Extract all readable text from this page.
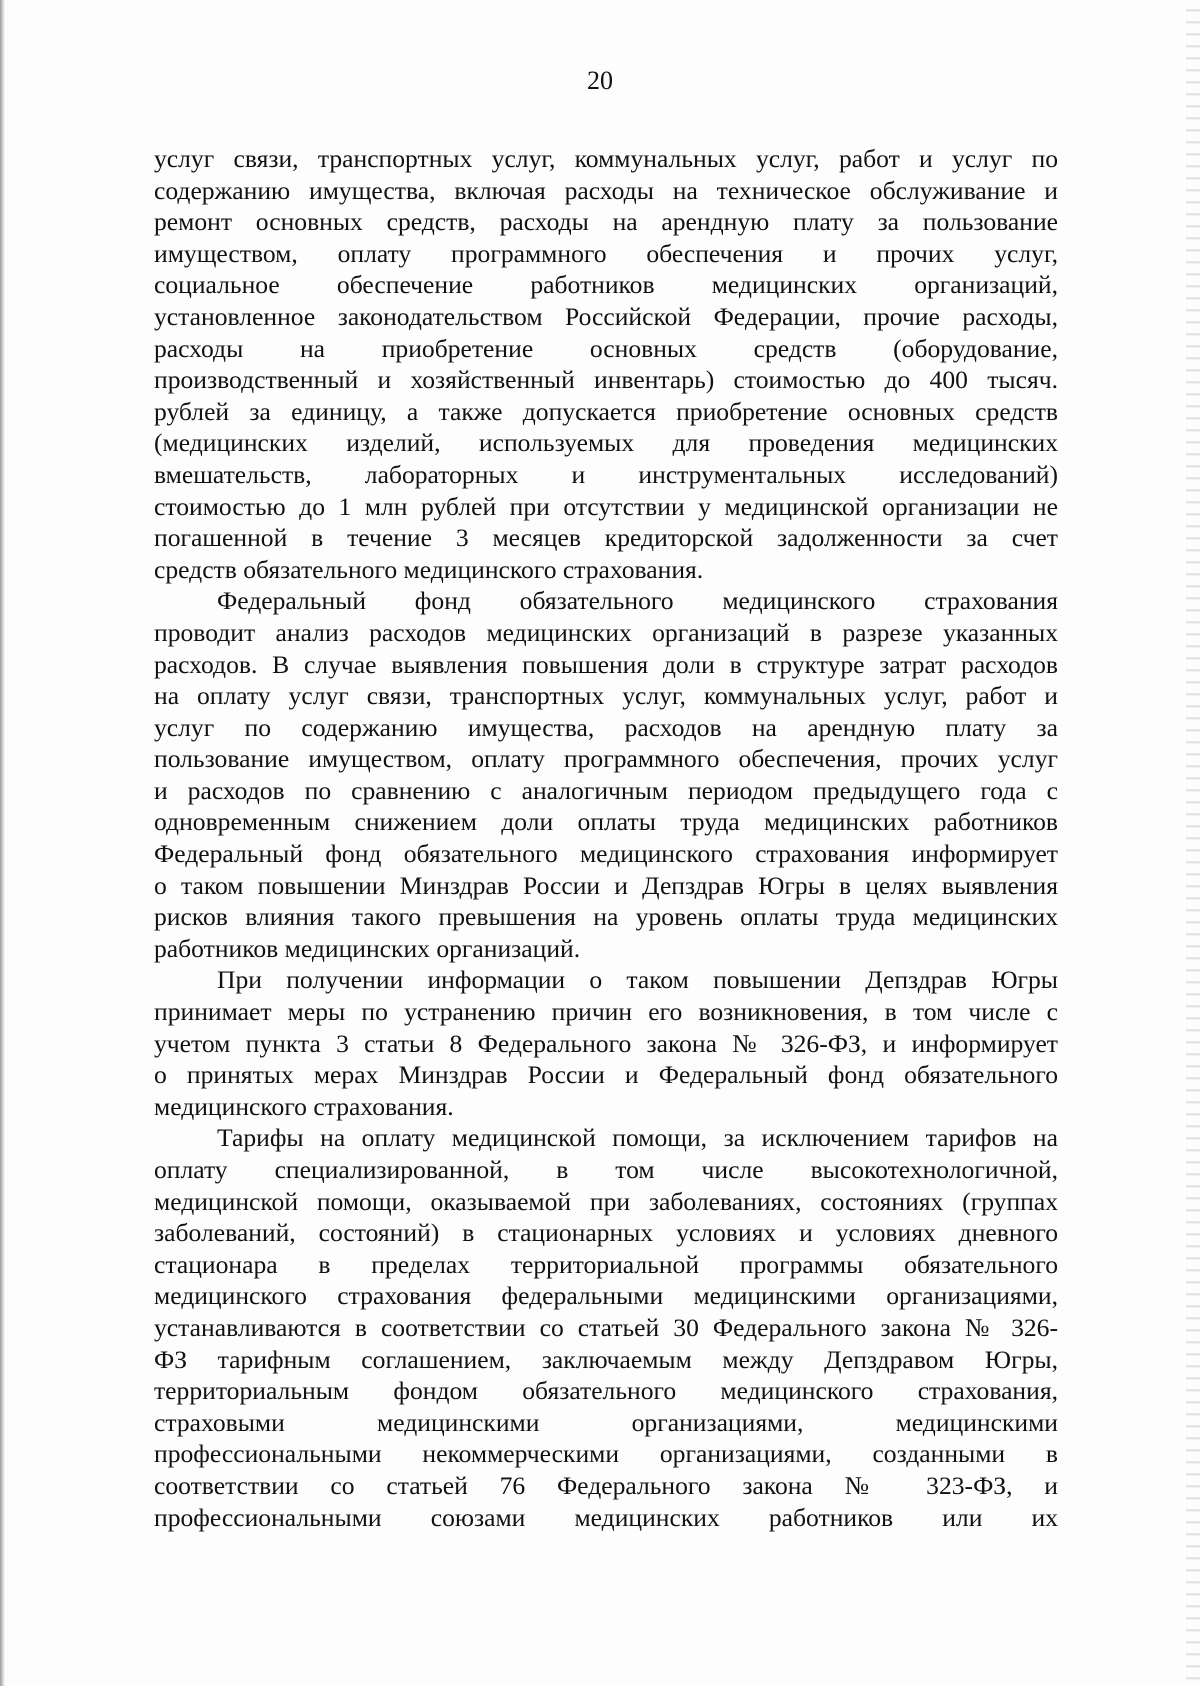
20
услуг связи, транспортных услуг, коммунальных услуг, работ и услуг по
содержанию имущества, включая расходы на техническое обслуживание и
ремонт основных средств, расходы на арендную плату за пользование
имуществом, оплату программного обеспечения и прочих услуг,
социальное обеспечение работников медицинских организаций,
установленное законодательством Российской Федерации, прочие расходы,
расходы на приобретение основных средств (оборудование,
производственный и хозяйственный инвентарь) стоимостью до 400 тысяч.
рублей за единицу, а также допускается приобретение основных средств
(медицинских изделий, используемых для проведения медицинских
вмешательств, лабораторных и инструментальных исследований)
стоимостью до 1 млн рублей при отсутствии у медицинской организации не
погашенной в течение 3 месяцев кредиторской задолженности за счет
средств обязательного медицинского страхования.
Федеральный фонд обязательного медицинского страхования
проводит анализ расходов медицинских организаций в разрезе указанных
расходов. В случае выявления повышения доли в структуре затрат расходов
на оплату услуг связи, транспортных услуг, коммунальных услуг, работ и
услуг по содержанию имущества, расходов на арендную плату за
пользование имуществом, оплату программного обеспечения, прочих услуг
и расходов по сравнению с аналогичным периодом предыдущего года с
одновременным снижением доли оплаты труда медицинских работников
Федеральный фонд обязательного медицинского страхования информирует
о таком повышении Минздрав России и Депздрав Югры в целях выявления
рисков влияния такого превышения на уровень оплаты труда медицинских
работников медицинских организаций.
При получении информации о таком повышении Депздрав Югры
принимает меры по устранению причин его возникновения, в том числе с
учетом пункта 3 статьи 8 Федерального закона № 326-ФЗ, и информирует
о принятых мерах Минздрав России и Федеральный фонд обязательного
медицинского страхования.
Тарифы на оплату медицинской помощи, за исключением тарифов на
оплату специализированной, в том числе высокотехнологичной,
медицинской помощи, оказываемой при заболеваниях, состояниях (группах
заболеваний, состояний) в стационарных условиях и условиях дневного
стационара в пределах территориальной программы обязательного
медицинского страхования федеральными медицинскими организациями,
устанавливаются в соответствии со статьей 30 Федерального закона № 326-
ФЗ тарифным соглашением, заключаемым между Депздравом Югры,
территориальным фондом обязательного медицинского страхования,
страховыми медицинскими организациями, медицинскими
профессиональными некоммерческими организациями, созданными в
соответствии со статьей 76 Федерального закона № 323-ФЗ, и
профессиональными союзами медицинских работников или их
